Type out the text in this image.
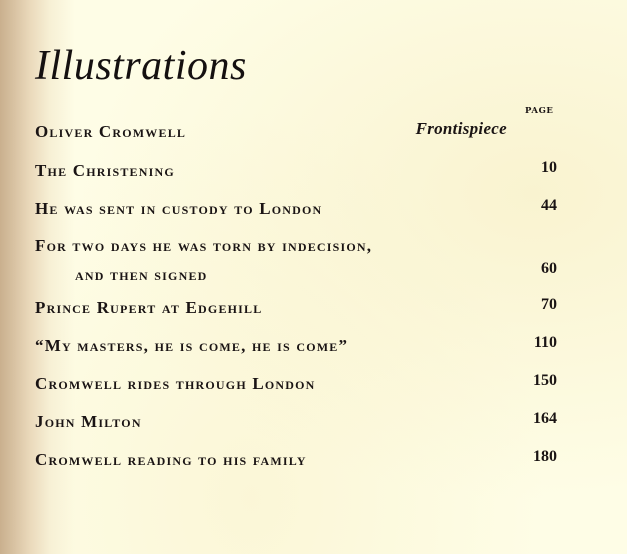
Illustrations
PAGE
Oliver Cromwell	Frontispiece
The Christening	10
He was sent in custody to London	44
For two days he was torn by indecision,
and then signed	60
Prince Rupert at Edgehill	70
“My masters, he is come, he is come”	110
Cromwell rides through London	150
John Milton	164
Cromwell reading to his family	180
